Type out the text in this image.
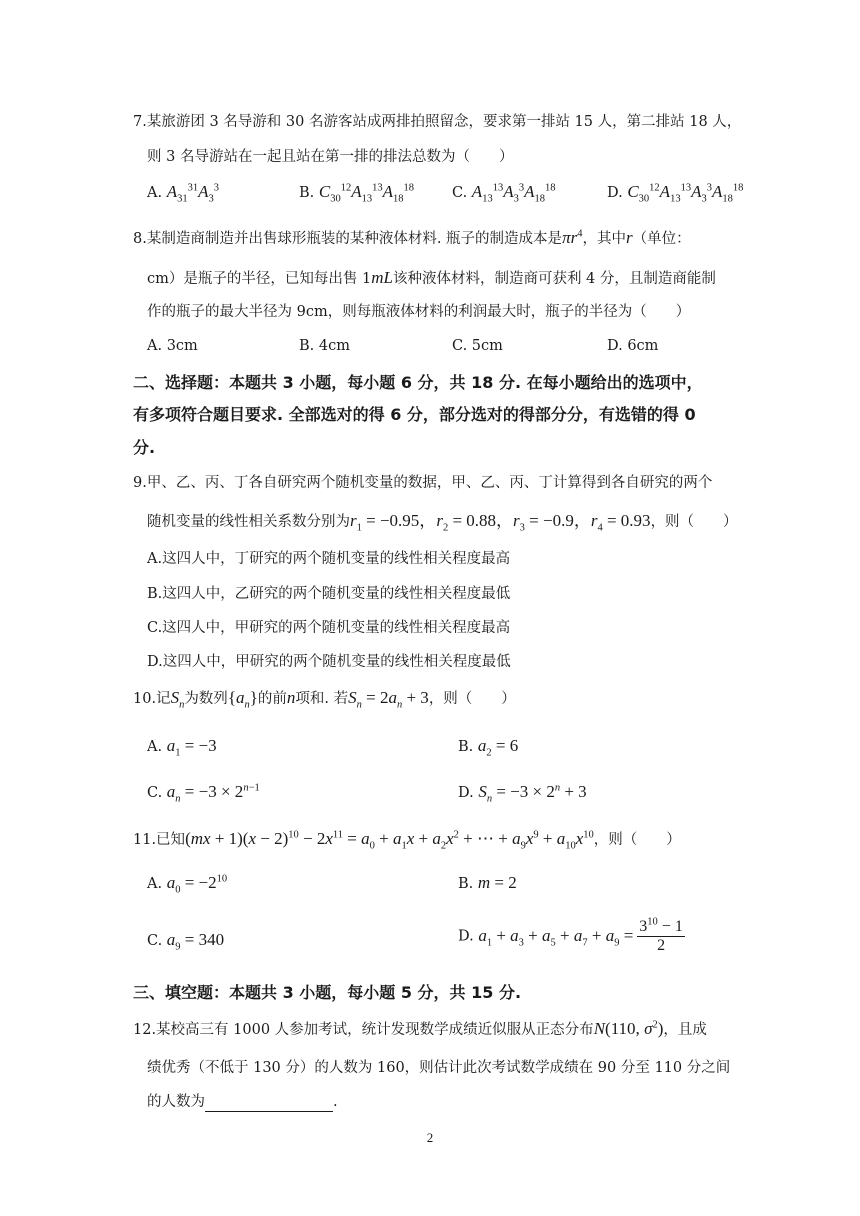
7.某旅游团 3 名导游和 30 名游客站成两排拍照留念，要求第一排站 15 人，第二排站 18 人，
则 3 名导游站在一起且站在第一排的排法总数为（　　）
A. $A_{31}^{31}A_3^3$	B. $C_{30}^{12}A_{13}^{13}A_{18}^{18}$	C. $A_{13}^{13}A_3^3A_{18}^{18}$	D. $C_{30}^{12}A_{13}^{13}A_3^3A_{18}^{18}$
8.某制造商制造并出售球形瓶装的某种液体材料. 瓶子的制造成本是$\pi r^4$，其中r（单位：
cm）是瓶子的半径，已知每出售 1mL该种液体材料，制造商可获利 4 分，且制造商能制
作的瓶子的最大半径为 9cm，则每瓶液体材料的利润最大时，瓶子的半径为（　　）
A. 3cm	B. 4cm	C. 5cm	D. 6cm
二、选择题：本题共 3 小题，每小题 6 分，共 18 分. 在每小题给出的选项中，
有多项符合题目要求. 全部选对的得 6 分，部分选对的得部分分，有选错的得 0
分.
9.甲、乙、丙、丁各自研究两个随机变量的数据，甲、乙、丙、丁计算得到各自研究的两个
随机变量的线性相关系数分别为$r_1 = -0.95$，$r_2 = 0.88$，$r_3 = -0.9$，$r_4 = 0.93$，则（　　）
A.这四人中，丁研究的两个随机变量的线性相关程度最高
B.这四人中，乙研究的两个随机变量的线性相关程度最低
C.这四人中，甲研究的两个随机变量的线性相关程度最高
D.这四人中，甲研究的两个随机变量的线性相关程度最低
10.记$S_n$为数列$\{a_n\}$的前n项和. 若$S_n = 2a_n + 3$，则（　　）
A. $a_1 = -3$	B. $a_2 = 6$
C. $a_n = -3 \times 2^{n-1}$	D. $S_n = -3 \times 2^n + 3$
11.已知$(mx + 1)(x - 2)^{10} - 2x^{11} = a_0 + a_1x + a_2x^2$ + ⋯ + $a_9x^9 + a_{10}x^{10}$，则（　　）
A. $a_0 = -2^{10}$	B. m = 2
C. $a_9 = 340$	D. $a_1 + a_3 + a_5 + a_7 + a_9 = \frac{3^{10} - 1}{2}$
三、填空题：本题共 3 小题，每小题 5 分，共 15 分.
12.某校高三有 1000 人参加考试，统计发现数学成绩近似服从正态分布N(110, $\sigma^2$)，且成
绩优秀（不低于 130 分）的人数为 160，则估计此次考试数学成绩在 90 分至 110 分之间
的人数为	.
2
